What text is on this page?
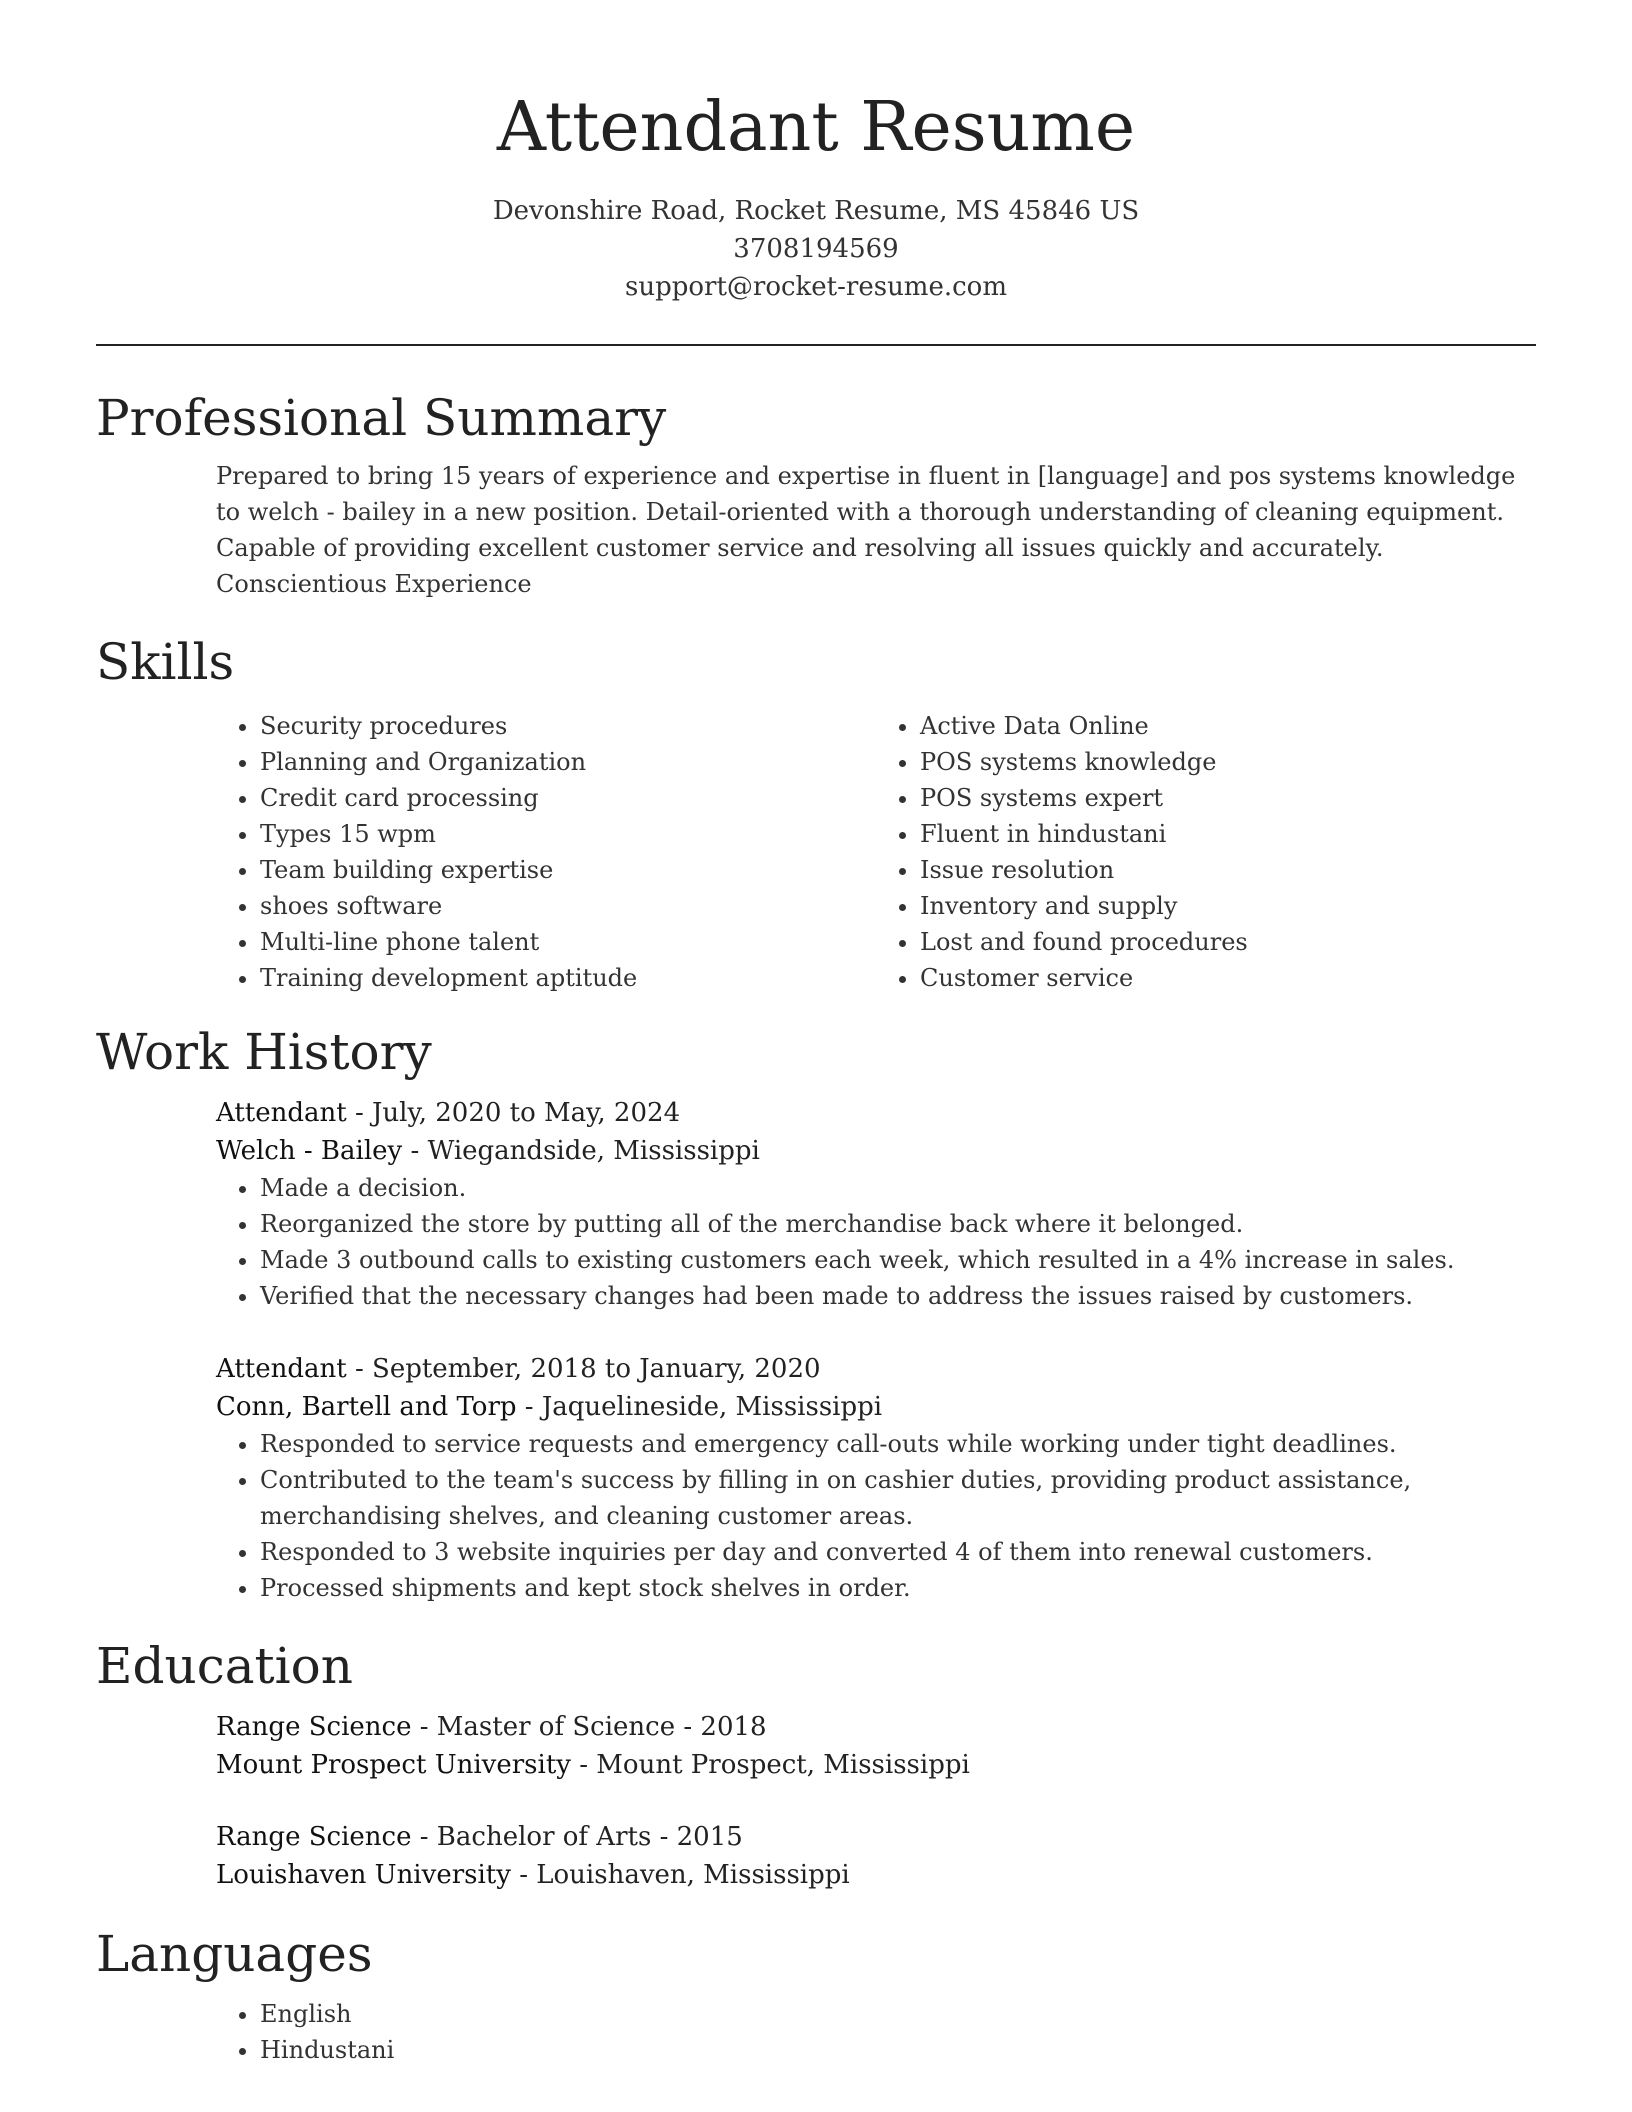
Attendant Resume

Devonshire Road, Rocket Resume, MS 45846 US

3708194569

support@rocket-resume.com

Professional Summary

Prepared to bring 15 years of experience and expertise in fluent in [language] and pos systems knowledge to welch - bailey in a new position. Detail-oriented with a thorough understanding of cleaning equipment. Capable of providing excellent customer service and resolving all issues quickly and accurately. Conscientious Experience

Skills
• Security procedures
• Planning and Organization
• Credit card processing
• Types 15 wpm
• Team building expertise
• shoes software
• Multi-line phone talent
• Training development aptitude
• Active Data Online
• POS systems knowledge
• POS systems expert
• Fluent in hindustani
• Issue resolution
• Inventory and supply
• Lost and found procedures
• Customer service
Work History

Attendant - July, 2020 to May, 2024

Welch - Bailey - Wiegandside, Mississippi

• Made a decision.
• Reorganized the store by putting all of the merchandise back where it belonged.
• Made 3 outbound calls to existing customers each week, which resulted in a 4% increase in sales.
• Verified that the necessary changes had been made to address the issues raised by customers.

Attendant - September, 2018 to January, 2020

Conn, Bartell and Torp - Jaquelineside, Mississippi

• Responded to service requests and emergency call-outs while working under tight deadlines.
• Contributed to the team's success by filling in on cashier duties, providing product assistance, merchandising shelves, and cleaning customer areas.
• Responded to 3 website inquiries per day and converted 4 of them into renewal customers.
• Processed shipments and kept stock shelves in order.
Education

Range Science - Master of Science - 2018

Mount Prospect University - Mount Prospect, Mississippi

Range Science - Bachelor of Arts - 2015

Louishaven University - Louishaven, Mississippi

Languages
• English
• Hindustani
